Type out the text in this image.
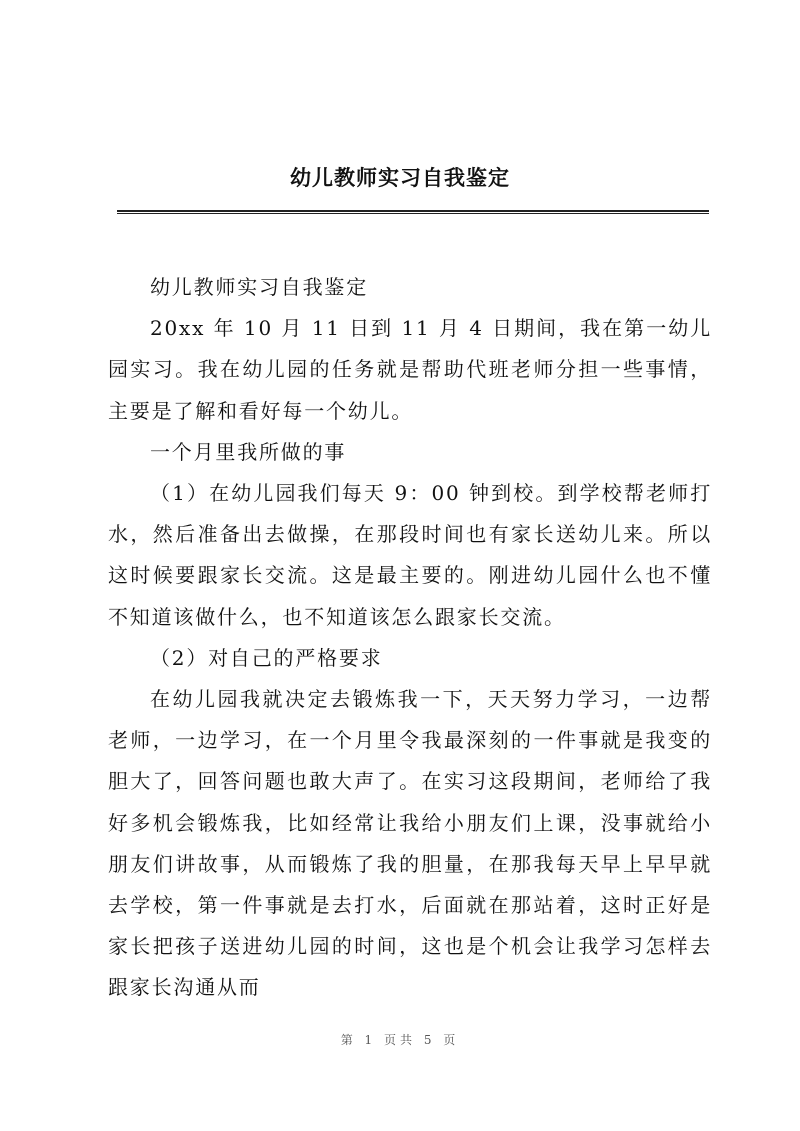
幼儿教师实习自我鉴定

幼儿教师实习自我鉴定

20xx 年 10 月 11 日到 11 月 4 日期间，我在第一幼儿园实习。我在幼儿园的任务就是帮助代班老师分担一些事情，主要是了解和看好每一个幼儿。

一个月里我所做的事

（1）在幼儿园我们每天 9：00 钟到校。到学校帮老师打水，然后准备出去做操，在那段时间也有家长送幼儿来。所以这时候要跟家长交流。这是最主要的。刚进幼儿园什么也不懂不知道该做什么，也不知道该怎么跟家长交流。

（2）对自己的严格要求

在幼儿园我就决定去锻炼我一下，天天努力学习，一边帮老师，一边学习，在一个月里令我最深刻的一件事就是我变的胆大了，回答问题也敢大声了。在实习这段期间，老师给了我好多机会锻炼我，比如经常让我给小朋友们上课，没事就给小朋友们讲故事，从而锻炼了我的胆量，在那我每天早上早早就去学校，第一件事就是去打水，后面就在那站着，这时正好是家长把孩子送进幼儿园的时间，这也是个机会让我学习怎样去跟家长沟通从而

第 1 页共 5 页
